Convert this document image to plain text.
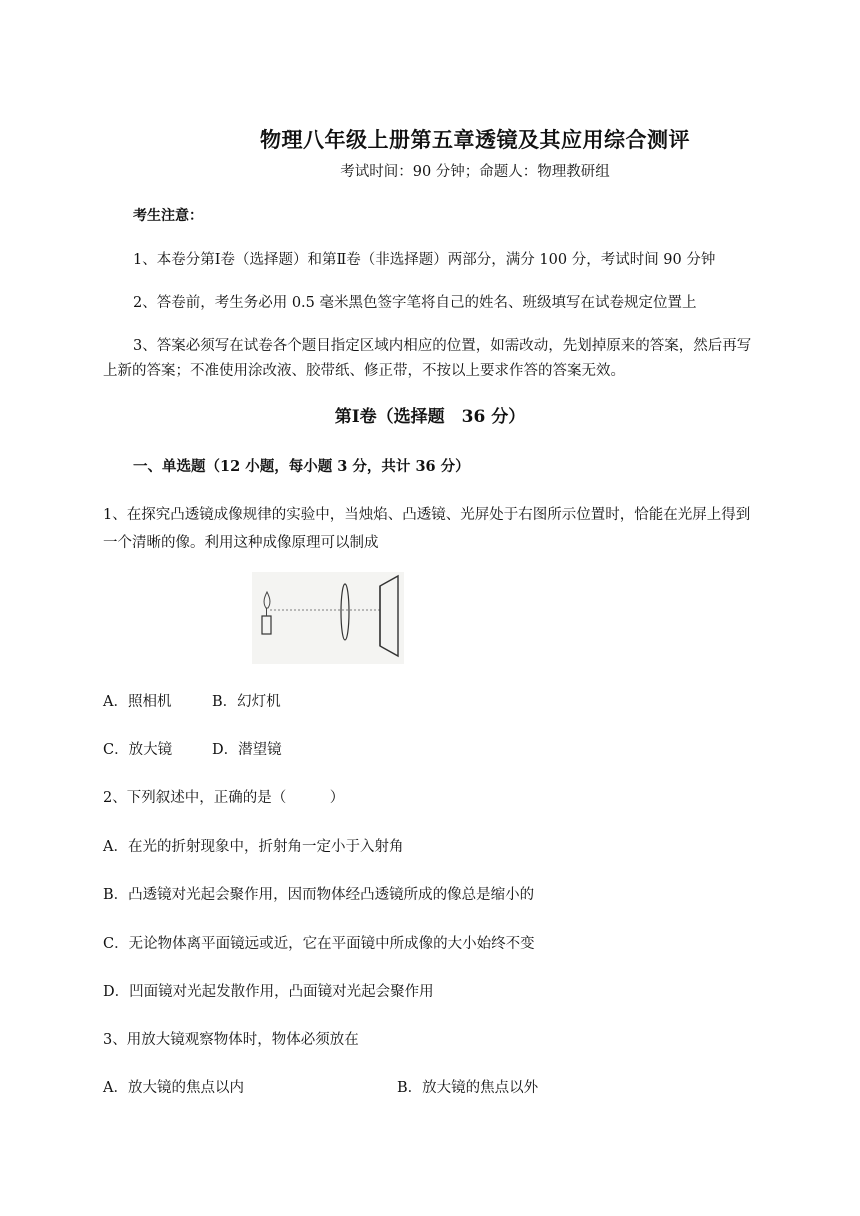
物理八年级上册第五章透镜及其应用综合测评
考试时间：90 分钟；命题人：物理教研组
考生注意：
1、本卷分第Ⅰ卷（选择题）和第Ⅱ卷（非选择题）两部分，满分 100 分，考试时间 90 分钟
2、答卷前，考生务必用 0.5 毫米黑色签字笔将自己的姓名、班级填写在试卷规定位置上
3、答案必须写在试卷各个题目指定区域内相应的位置，如需改动，先划掉原来的答案，然后再写
上新的答案；不准使用涂改液、胶带纸、修正带，不按以上要求作答的答案无效。
第Ⅰ卷（选择题　36 分）
一、单选题（12 小题，每小题 3 分，共计 36 分）
1、在探究凸透镜成像规律的实验中，当烛焰、凸透镜、光屏处于右图所示位置时，恰能在光屏上得到
一个清晰的像。利用这种成像原理可以制成
A．照相机	B．幻灯机
C．放大镜	D．潜望镜
2、下列叙述中，正确的是（　　　）
A．在光的折射现象中，折射角一定小于入射角
B．凸透镜对光起会聚作用，因而物体经凸透镜所成的像总是缩小的
C．无论物体离平面镜远或近，它在平面镜中所成像的大小始终不变
D．凹面镜对光起发散作用，凸面镜对光起会聚作用
3、用放大镜观察物体时，物体必须放在
A．放大镜的焦点以内	B．放大镜的焦点以外
